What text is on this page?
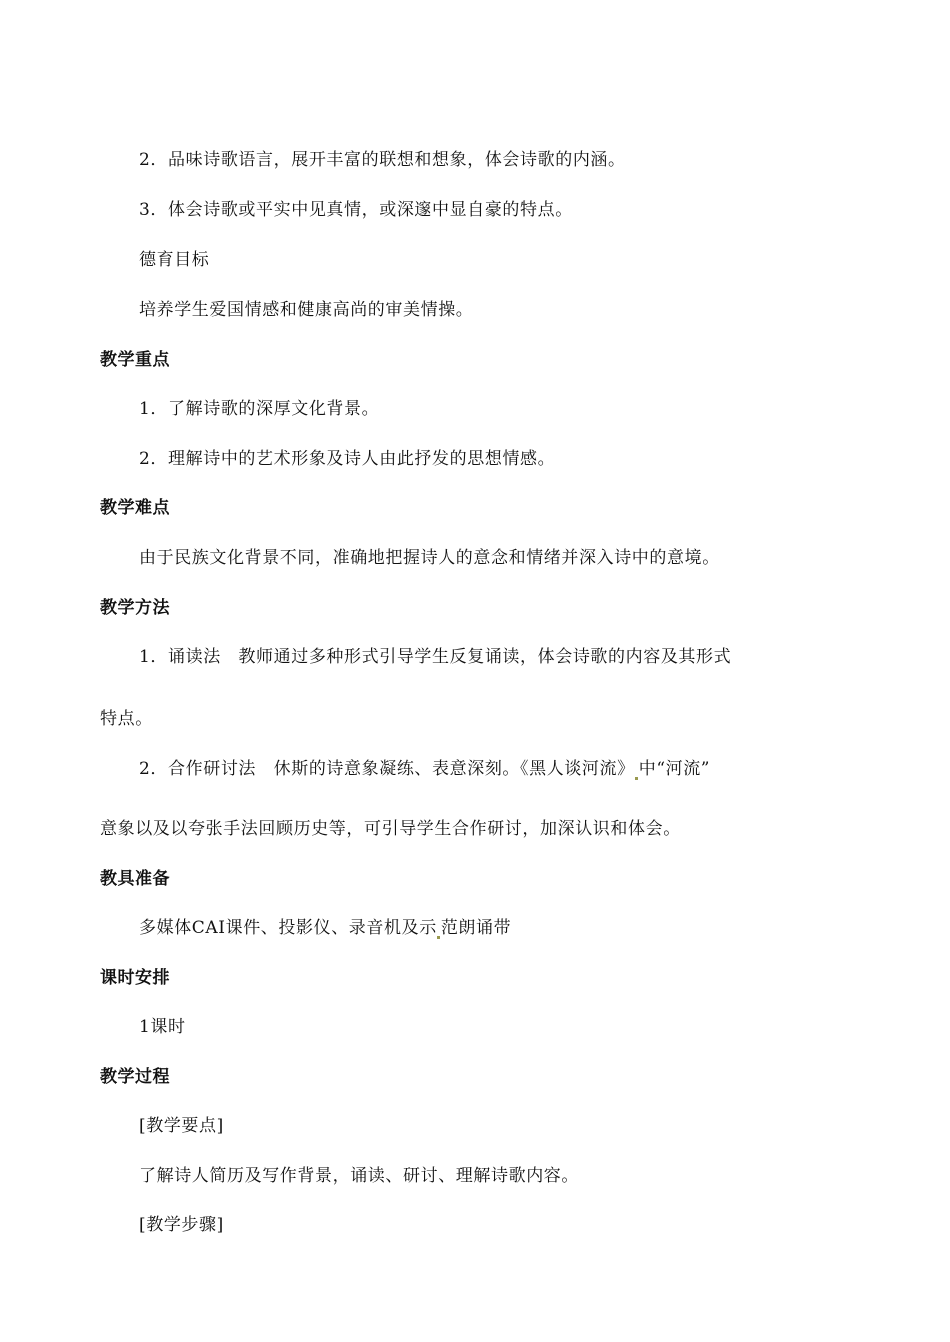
2．品味诗歌语言，展开丰富的联想和想象，体会诗歌的内涵。
3．体会诗歌或平实中见真情，或深邃中显自豪的特点。
德育目标
培养学生爱国情感和健康高尚的审美情操。
教学重点
1．了解诗歌的深厚文化背景。
2．理解诗中的艺术形象及诗人由此抒发的思想情感。
教学难点
由于民族文化背景不同，准确地把握诗人的意念和情绪并深入诗中的意境。
教学方法
1．诵读法　教师通过多种形式引导学生反复诵读，体会诗歌的内容及其形式
特点。
2．合作研讨法　休斯的诗意象凝练、表意深刻。《黑人谈河流》 中“河流”
意象以及以夸张手法回顾历史等，可引导学生合作研讨，加深认识和体会。
教具准备
多媒体CAI课件、投影仪、录音机及示 范朗诵带
课时安排
1课时
教学过程
[教学要点]
了解诗人简历及写作背景，诵读、研讨、理解诗歌内容。
[教学步骤]
